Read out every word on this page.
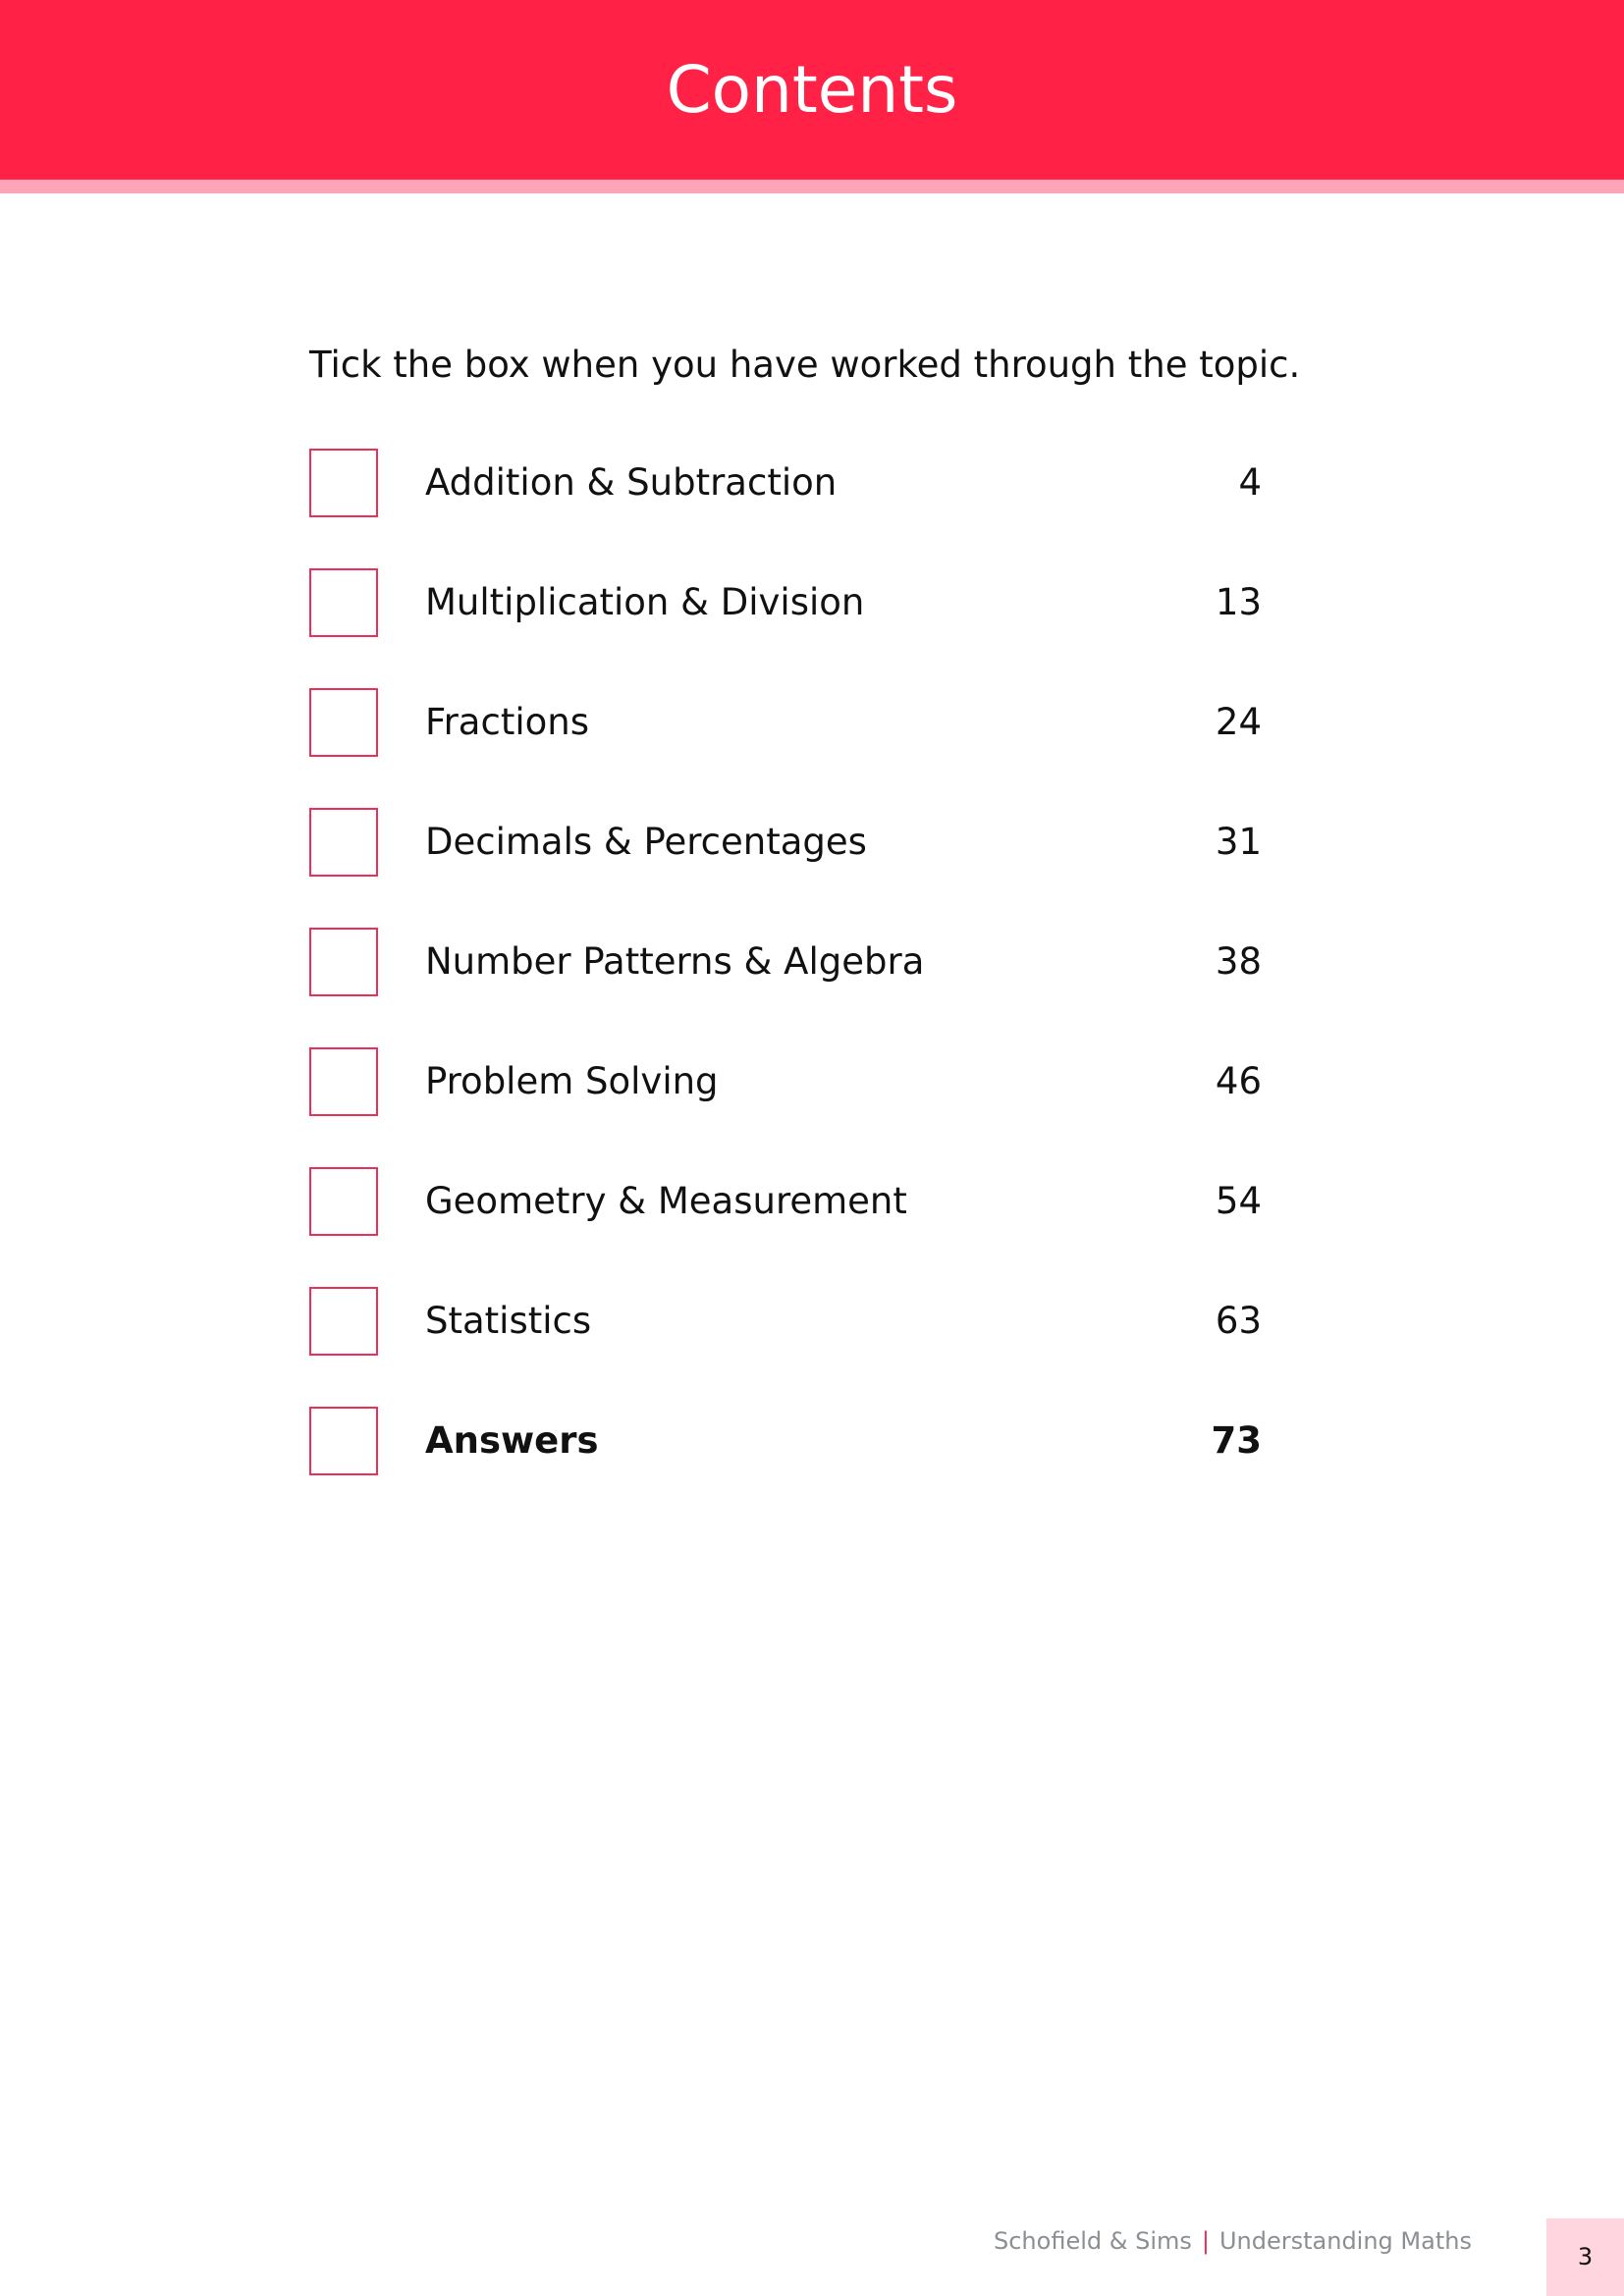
Contents
Tick the box when you have worked through the topic.
Addition & Subtraction	4
Multiplication & Division	13
Fractions	24
Decimals & Percentages	31
Number Patterns & Algebra	38
Problem Solving	46
Geometry & Measurement	54
Statistics	63
Answers	73
Schofield & Sims | Understanding Maths
3
